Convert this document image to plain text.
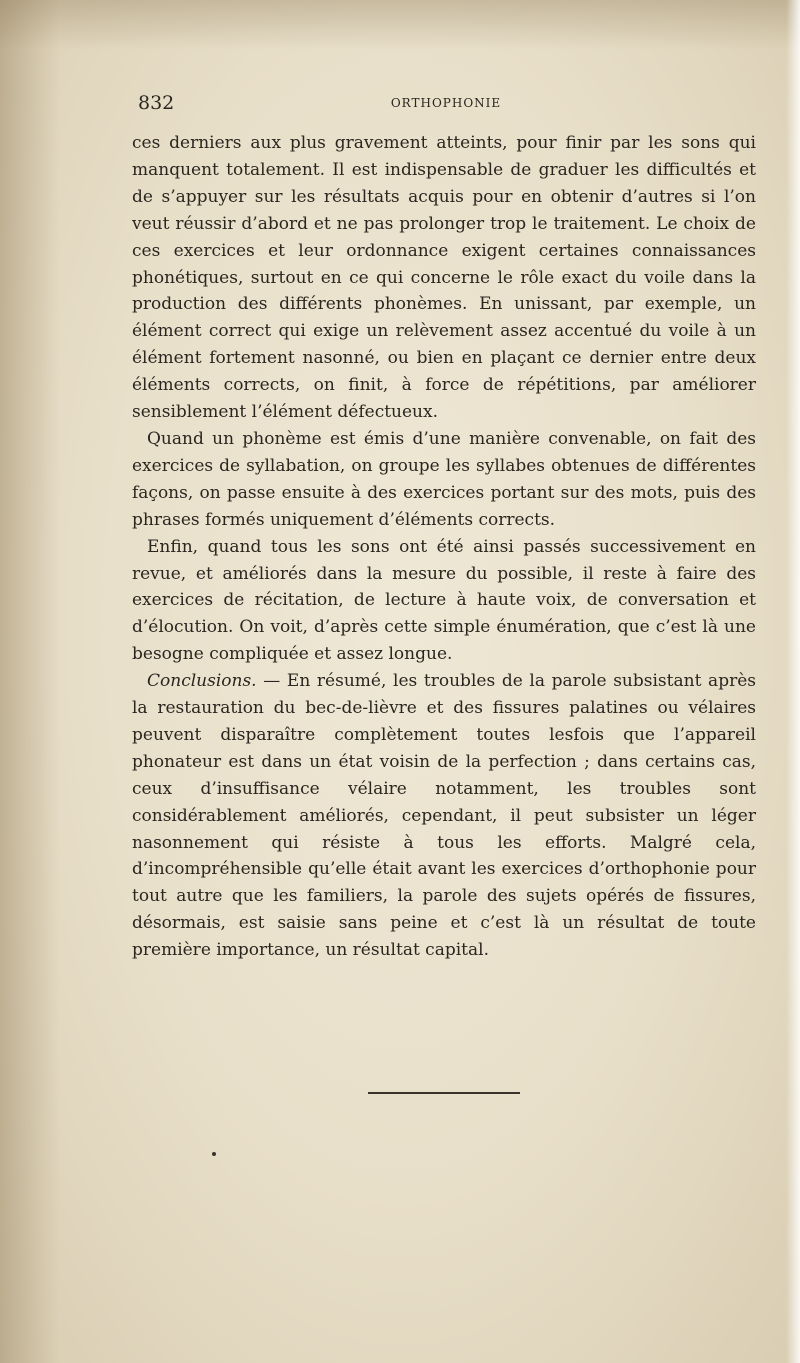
832	ORTHOPHONIE

ces derniers aux plus gravement atteints, pour finir par les sons qui manquent totalement. Il est indispensable de graduer les difficultés et de s’appuyer sur les résultats acquis pour en obtenir d’autres si l’on veut réussir d’abord et ne pas prolonger trop le traitement. Le choix de ces exercices et leur ordonnance exigent certaines connaissances phonétiques, surtout en ce qui concerne le rôle exact du voile dans la production des différents phonèmes. En unissant, par exemple, un élément correct qui exige un relèvement assez accentué du voile à un élément fortement nasonné, ou bien en plaçant ce dernier entre deux éléments corrects, on finit, à force de répétitions, par améliorer sensiblement l’élément défectueux.

Quand un phonème est émis d’une manière convenable, on fait des exercices de syllabation, on groupe les syllabes obtenues de différentes façons, on passe ensuite à des exercices portant sur des mots, puis des phrases formés uniquement d’éléments corrects.

Enfin, quand tous les sons ont été ainsi passés successivement en revue, et améliorés dans la mesure du possible, il reste à faire des exercices de récitation, de lecture à haute voix, de conversation et d’élocution. On voit, d’après cette simple énumération, que c’est là une besogne compliquée et assez longue.

Conclusions. — En résumé, les troubles de la parole subsistant après la restauration du bec-de-lièvre et des fissures palatines ou vélaires peuvent disparaître complètement toutes lesfois que l’appareil phonateur est dans un état voisin de la perfection ; dans certains cas, ceux d’insuffisance vélaire notamment, les troubles sont considérablement améliorés, cependant, il peut subsister un léger nasonnement qui résiste à tous les efforts. Malgré cela, d’incompréhensible qu’elle était avant les exercices d’orthophonie pour tout autre que les familiers, la parole des sujets opérés de fissures, désormais, est saisie sans peine et c’est là un résultat de toute première importance, un résultat capital.
